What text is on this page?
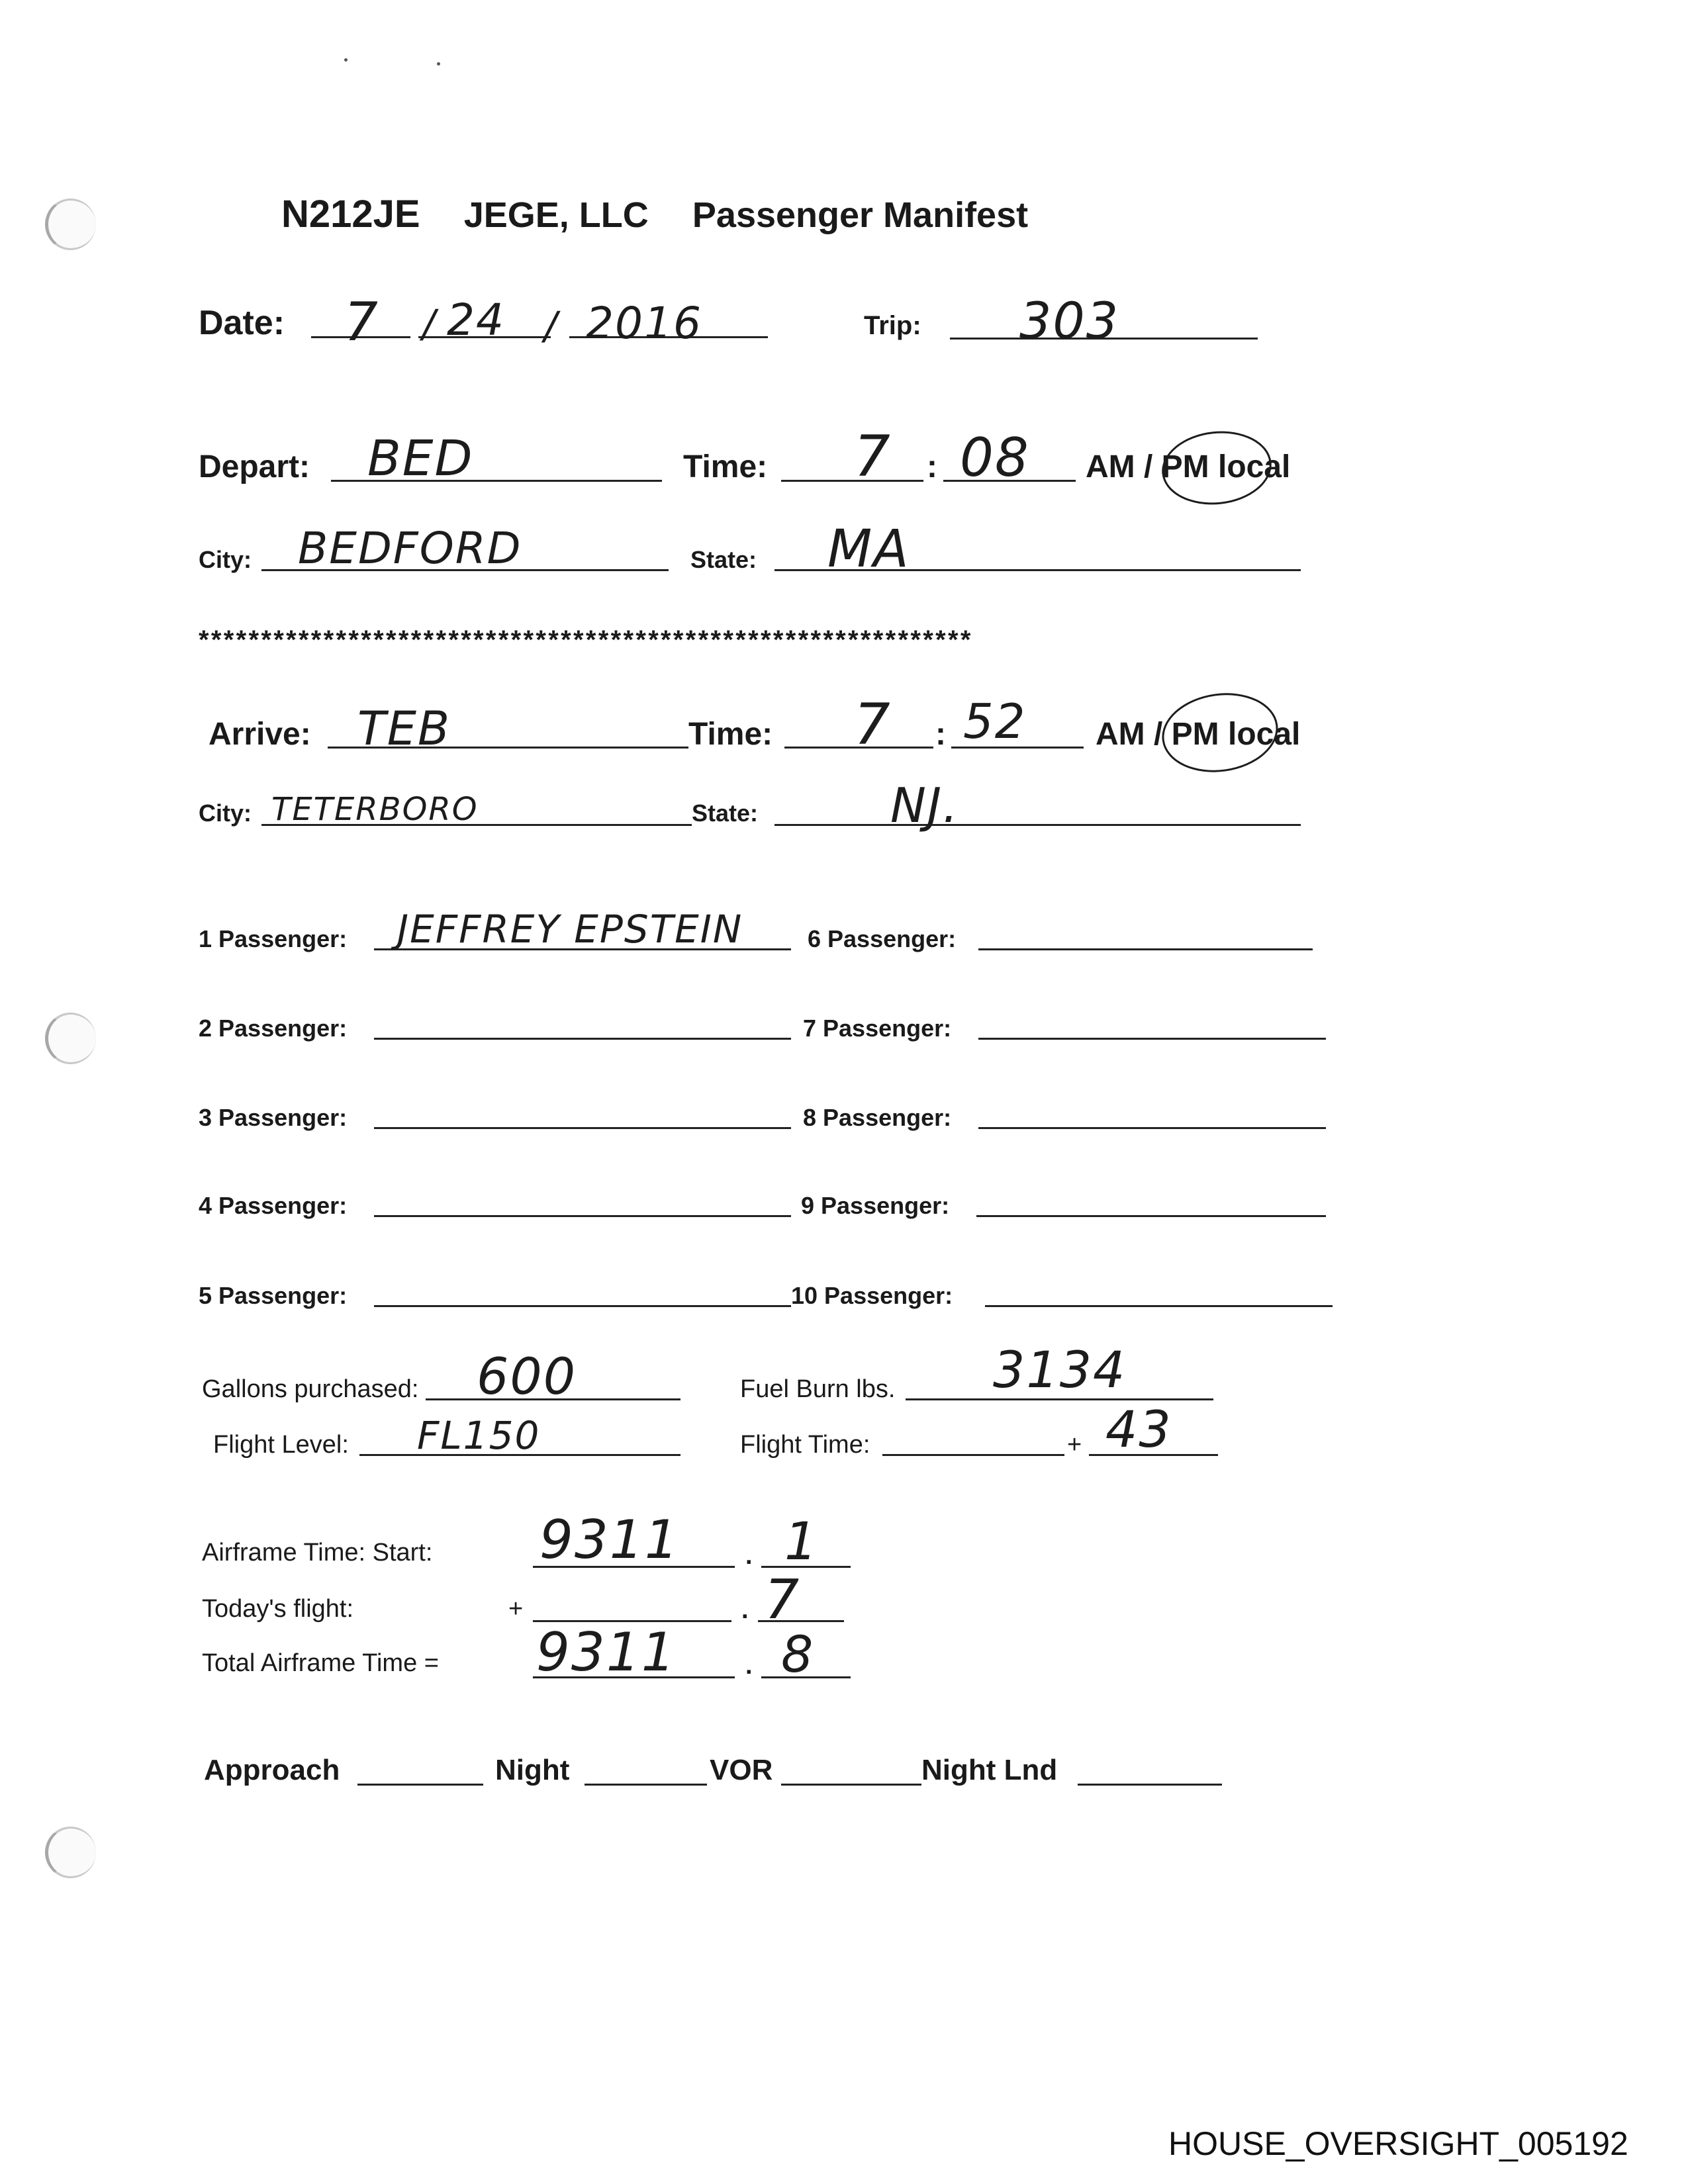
N212JE JEGE, LLC Passenger Manifest
Date: 7 / 24 / 2016	Trip: 303
Depart: BED	Time: 7 : 08 AM / PM local
City: BEDFORD	State: MA
**************************************************************
Arrive: TEB	Time: 7 : 52 AM / PM local
City: TETERBORO	State:	NJ.
1 Passenger: JEFFREY EPSTEIN
2 Passenger:
3 Passenger:
4 Passenger:
5 Passenger:
6 Passenger:
7 Passenger:
8 Passenger:
9 Passenger:
10 Passenger:
Gallons purchased: 600	Fuel Burn lbs. 3134
Flight Level: FL150	Flight Time:	+ 43
Airframe Time: Start: 9311	. 1
Today's flight:	+	. 7
Total Airframe Time = 9311	. 8
Approach	Night	VOR	Night Lnd
HOUSE_OVERSIGHT_005192
